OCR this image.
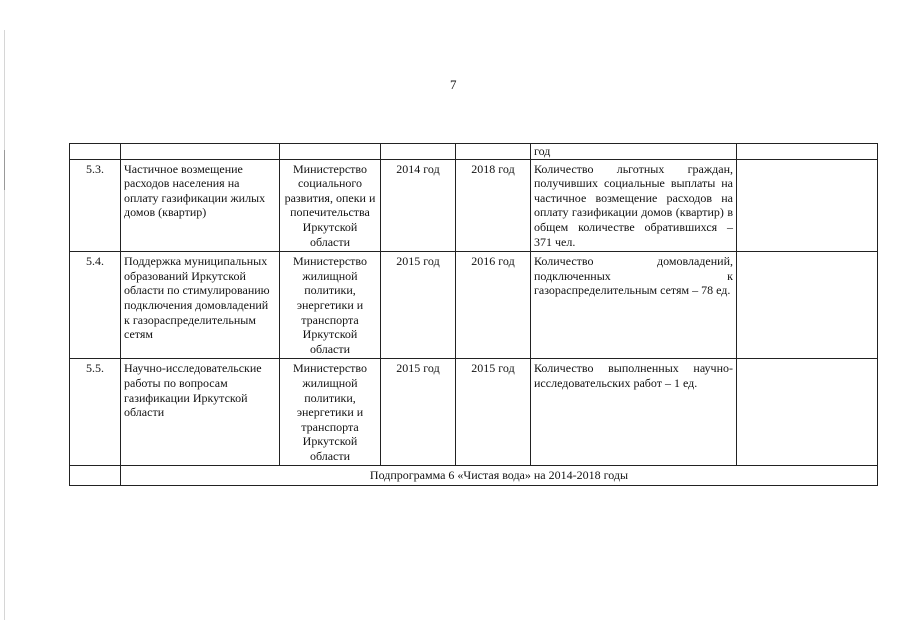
7
					год	
5.3.	Частичное возмещение расходов населения на оплату газификации жилых домов (квартир)	Министерство социального развития, опеки и попечительства Иркутской области	2014 год	2018 год	Количество льготных граждан, получивших социальные выплаты на частичное возмещение расходов на оплату газификации домов (квартир) в общем количестве обратившихся – 371 чел.	
5.4.	Поддержка муниципальных образований Иркутской области по стимулированию подключения домовладений к газораспределительным сетям	Министерство жилищной политики, энергетики и транспорта Иркутской области	2015 год	2016 год	Количество домовладений, подключенных к газораспределительным сетям – 78 ед.	
5.5.	Научно-исследовательские работы по вопросам газификации Иркутской области	Министерство жилищной политики, энергетики и транспорта Иркутской области	2015 год	2015 год	Количество выполненных научно-исследовательских работ – 1 ед.	
	Подпрограмма 6 «Чистая вода» на 2014-2018 годы					
